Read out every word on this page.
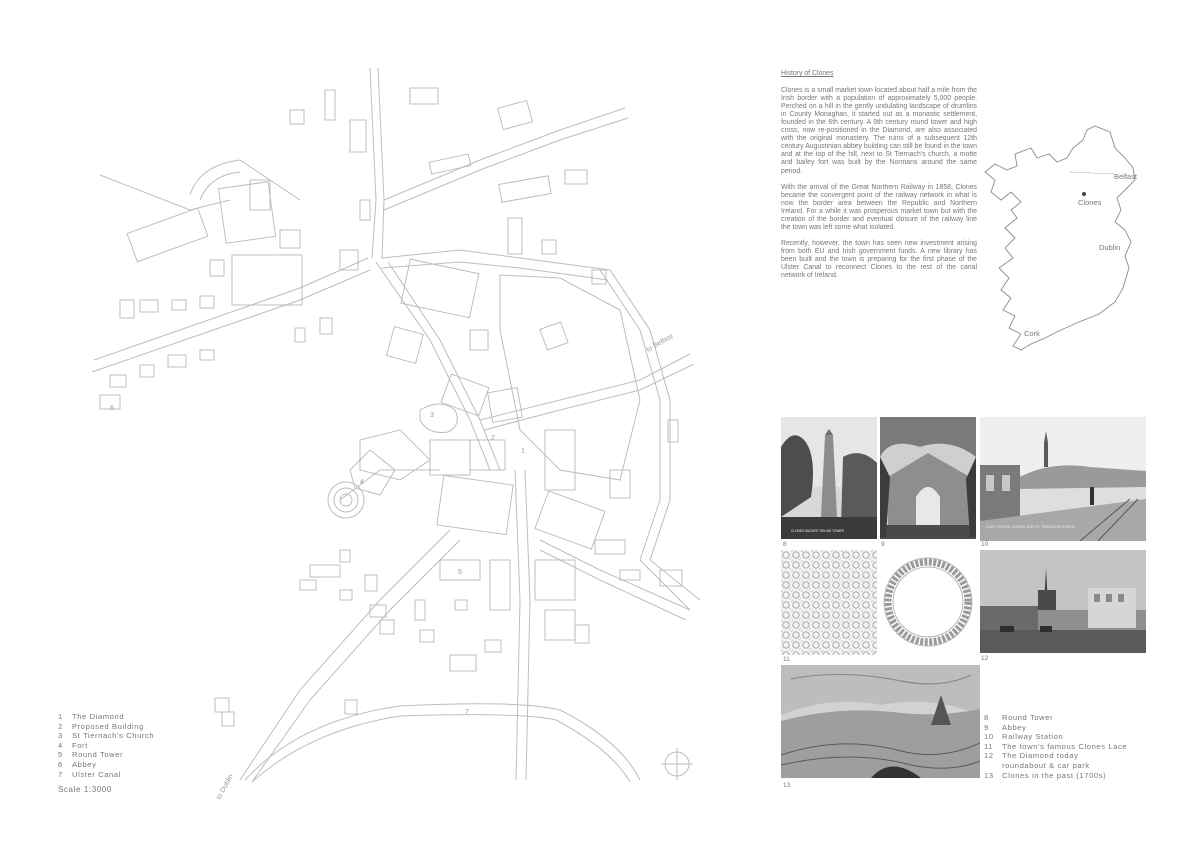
to Belfast
to Dublin
1
2
3
4
5
6
7
1 The Diamond
2 Proposed Building
3 St Tiernach's Church
4 Fort
5 Round Tower
6 Abbey
7 Ulster Canal
Scale 1:3000
History of Clones

Clones is a small market town located about half a mile from the Irish border with a population of approximately 5,000 people. Perched on a hill in the gently undulating landscape of drumlins in County Monaghan, it started out as a monastic settlement, founded in the 6th century. A 9th century round tower and high cross, now re-positioned in the Diamond, are also associated with the original monastery. The ruins of a subsequent 12th century Augustinian abbey building can still be found in the town and at the top of the hill, next to St Tiernach's church, a motte and bailey fort was built by the Normans around the same period.

With the arrival of the Great Northern Railway in 1858, Clones became the convergent point of the railway network in what is now the border area between the Republic and Northern Ireland. For a while it was prosperous market town but with the creation of the border and eventual closure of the railway line the town was left some what isolated.

Recently, however, the town has seen new investment arising from both EU and Irish government funds. A new library has been built and the town is preparing for the first phase of the Ulster Canal to reconnect Clones to the rest of the canal network of Ireland.

Belfast
Clones
Dublin
Cork
CLONES ANCIENT ROUND TOWER
G.N.R. STATION, CLONES, WITH ST. TIERNACH'S CHURCH
8	9	10
11	12
13
8 Round Tower
9 Abbey
10 Railway Station
11 The town's famous Clones Lace
12 The Diamond today
roundabout & car park
13 Clones in the past (1700s)
